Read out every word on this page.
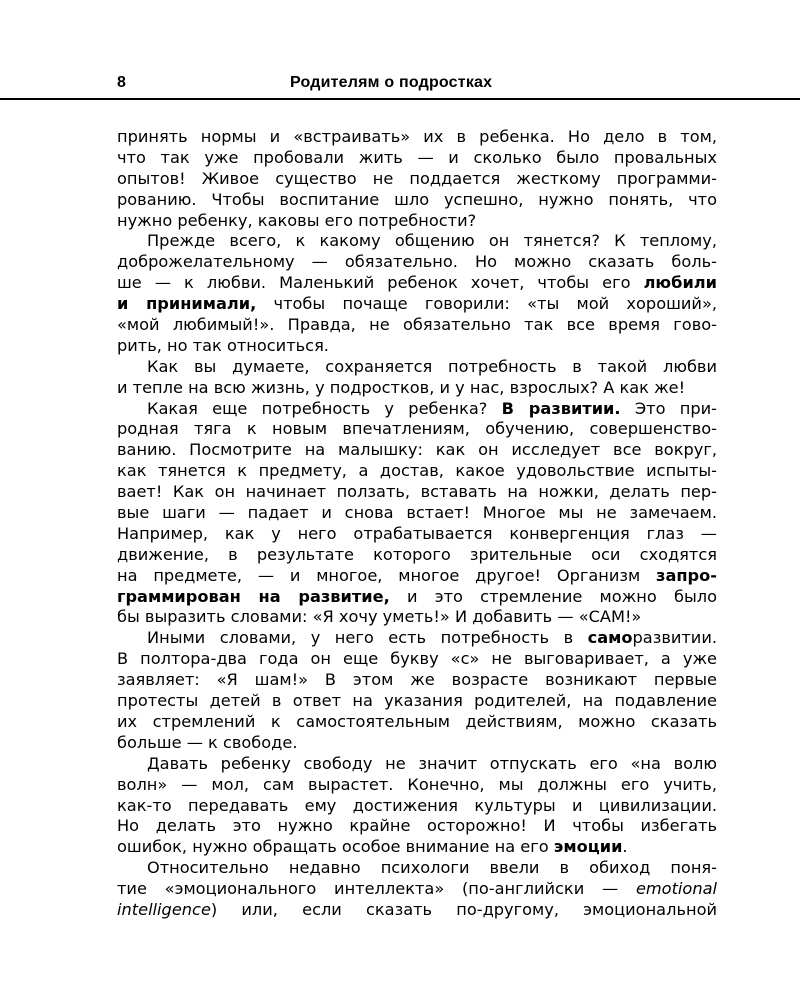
8	Родителям о подростках
принять нормы и «встраивать» их в ребенка. Но дело в том,
что так уже пробовали жить — и сколько было провальных
опытов! Живое существо не поддается жесткому программи-
рованию. Чтобы воспитание шло успешно, нужно понять, что
нужно ребенку, каковы его потребности?
Прежде всего, к какому общению он тянется? К теплому,
доброжелательному — обязательно. Но можно сказать боль-
ше — к любви. Маленький ребенок хочет, чтобы его любили
и принимали, чтобы почаще говорили: «ты мой хороший»,
«мой любимый!». Правда, не обязательно так все время гово-
рить, но так относиться.
Как вы думаете, сохраняется потребность в такой любви
и тепле на всю жизнь, у подростков, и у нас, взрослых? А как же!
Какая еще потребность у ребенка? В развитии. Это при-
родная тяга к новым впечатлениям, обучению, совершенство-
ванию. Посмотрите на малышку: как он исследует все вокруг,
как тянется к предмету, а достав, какое удовольствие испыты-
вает! Как он начинает ползать, вставать на ножки, делать пер-
вые шаги — падает и снова встает! Многое мы не замечаем.
Например, как у него отрабатывается конвергенция глаз —
движение, в результате которого зрительные оси сходятся
на предмете, — и многое, многое другое! Организм запро-
граммирован на развитие, и это стремление можно было
бы выразить словами: «Я хочу уметь!» И добавить — «САМ!»
Иными словами, у него есть потребность в саморазвитии.
В полтора-два года он еще букву «с» не выговаривает, а уже
заявляет: «Я шам!» В этом же возрасте возникают первые
протесты детей в ответ на указания родителей, на подавление
их стремлений к самостоятельным действиям, можно сказать
больше — к свободе.
Давать ребенку свободу не значит отпускать его «на волю
волн» — мол, сам вырастет. Конечно, мы должны его учить,
как-то передавать ему достижения культуры и цивилизации.
Но делать это нужно крайне осторожно! И чтобы избегать
ошибок, нужно обращать особое внимание на его эмоции.
Относительно недавно психологи ввели в обиход поня-
тие «эмоционального интеллекта» (по-английски — emotional
intelligence) или, если сказать по-другому, эмоциональной
